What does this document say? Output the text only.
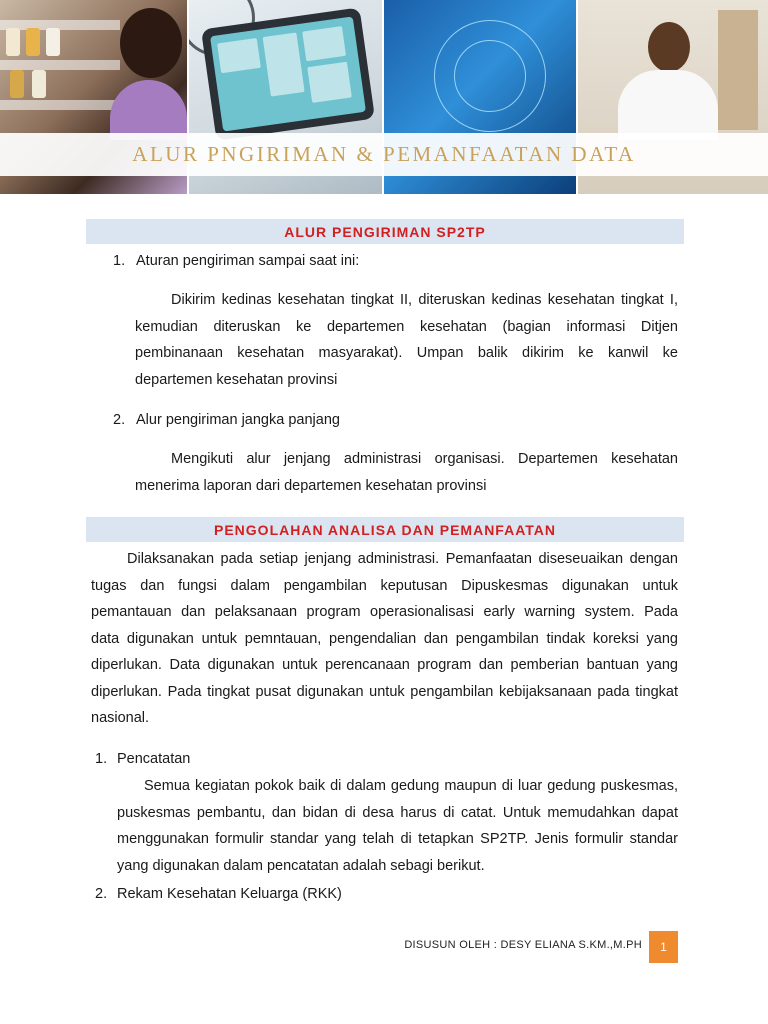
ALUR PNGIRIMAN & PEMANFAATAN DATA
ALUR PENGIRIMAN SP2TP
1. Aturan pengiriman sampai saat ini:
Dikirim kedinas kesehatan tingkat II, diteruskan kedinas kesehatan tingkat I,
kemudian diteruskan ke departemen kesehatan (bagian informasi Ditjen
pembinanaan kesehatan masyarakat). Umpan balik dikirim ke kanwil ke
departemen kesehatan provinsi
2. Alur pengiriman jangka panjang
Mengikuti alur jenjang administrasi organisasi. Departemen kesehatan
menerima laporan dari departemen kesehatan provinsi
PENGOLAHAN ANALISA DAN PEMANFAATAN
Dilaksanakan pada setiap jenjang administrasi. Pemanfaatan diseseuaikan dengan
tugas dan fungsi dalam pengambilan keputusan Dipuskesmas digunakan untuk
pemantauan dan pelaksanaan program operasionalisasi early warning system. Pada
data digunakan untuk pemntauan, pengendalian dan pengambilan tindak koreksi yang
diperlukan. Data digunakan untuk perencanaan program dan pemberian bantuan yang
diperlukan. Pada tingkat pusat digunakan untuk pengambilan kebijaksanaan pada tingkat
nasional.
1. Pencatatan
Semua kegiatan pokok baik di dalam gedung maupun di luar gedung puskesmas,
puskesmas pembantu, dan bidan di desa harus di catat. Untuk memudahkan dapat
menggunakan formulir standar yang telah di tetapkan SP2TP. Jenis formulir standar
yang digunakan dalam pencatatan adalah sebagi berikut.
2. Rekam Kesehatan Keluarga (RKK)
DISUSUN OLEH : DESY ELIANA S.KM.,M.PH	1
